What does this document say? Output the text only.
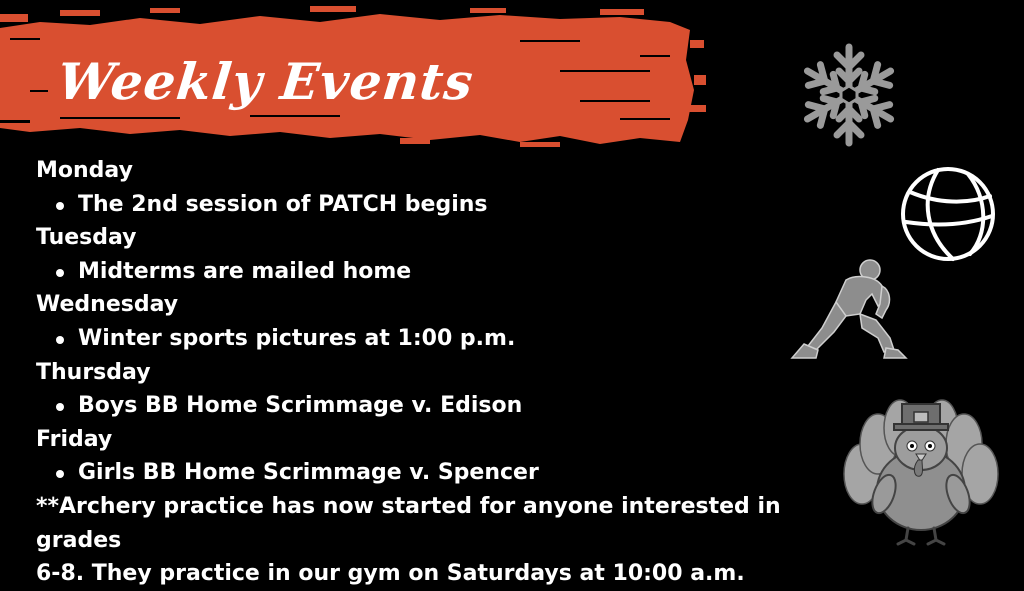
Weekly Events

Monday

The 2nd session of PATCH begins

Tuesday

Midterms are mailed home

Wednesday

Winter sports pictures at 1:00 p.m.

Thursday

Boys BB Home Scrimmage v. Edison

Friday

Girls BB Home Scrimmage v. Spencer

**Archery practice has now started for anyone interested in grades

6-8. They practice in our gym on Saturdays at 10:00 a.m.
